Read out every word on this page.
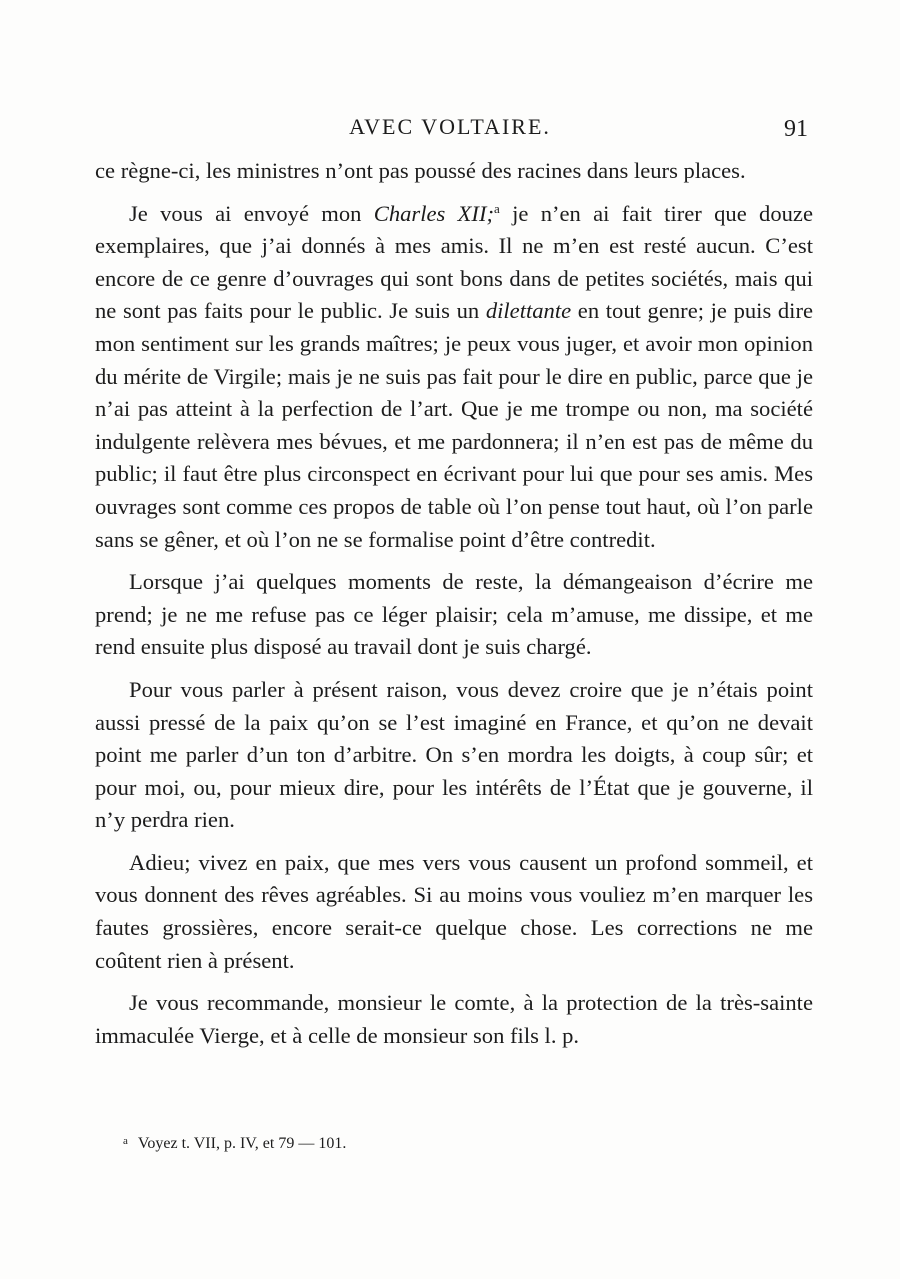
AVEC VOLTAIRE.	91

ce règne-ci, les ministres n’ont pas poussé des racines dans leurs places.

Je vous ai envoyé mon Charles XII;$^a$ je n’en ai fait tirer que douze exemplaires, que j’ai donnés à mes amis. Il ne m’en est resté aucun. C’est encore de ce genre d’ouvrages qui sont bons dans de petites sociétés, mais qui ne sont pas faits pour le public. Je suis un dilettante en tout genre; je puis dire mon sentiment sur les grands maîtres; je peux vous juger, et avoir mon opinion du mérite de Virgile; mais je ne suis pas fait pour le dire en public, parce que je n’ai pas atteint à la perfection de l’art. Que je me trompe ou non, ma société indulgente relèvera mes bévues, et me pardonnera; il n’en est pas de même du public; il faut être plus circonspect en écrivant pour lui que pour ses amis. Mes ouvrages sont comme ces propos de table où l’on pense tout haut, où l’on parle sans se gêner, et où l’on ne se formalise point d’être contredit.

Lorsque j’ai quelques moments de reste, la démangeaison d’écrire me prend; je ne me refuse pas ce léger plaisir; cela m’amuse, me dissipe, et me rend ensuite plus disposé au travail dont je suis chargé.

Pour vous parler à présent raison, vous devez croire que je n’étais point aussi pressé de la paix qu’on se l’est imaginé en France, et qu’on ne devait point me parler d’un ton d’arbitre. On s’en mordra les doigts, à coup sûr; et pour moi, ou, pour mieux dire, pour les intérêts de l’État que je gouverne, il n’y perdra rien.

Adieu; vivez en paix, que mes vers vous causent un profond sommeil, et vous donnent des rêves agréables. Si au moins vous vouliez m’en marquer les fautes grossières, encore serait-ce quelque chose. Les corrections ne me coûtent rien à présent.

Je vous recommande, monsieur le comte, à la protection de la très-sainte immaculée Vierge, et à celle de monsieur son fils l. p.

$^a$ Voyez t. VII, p. IV, et 79 — 101.
